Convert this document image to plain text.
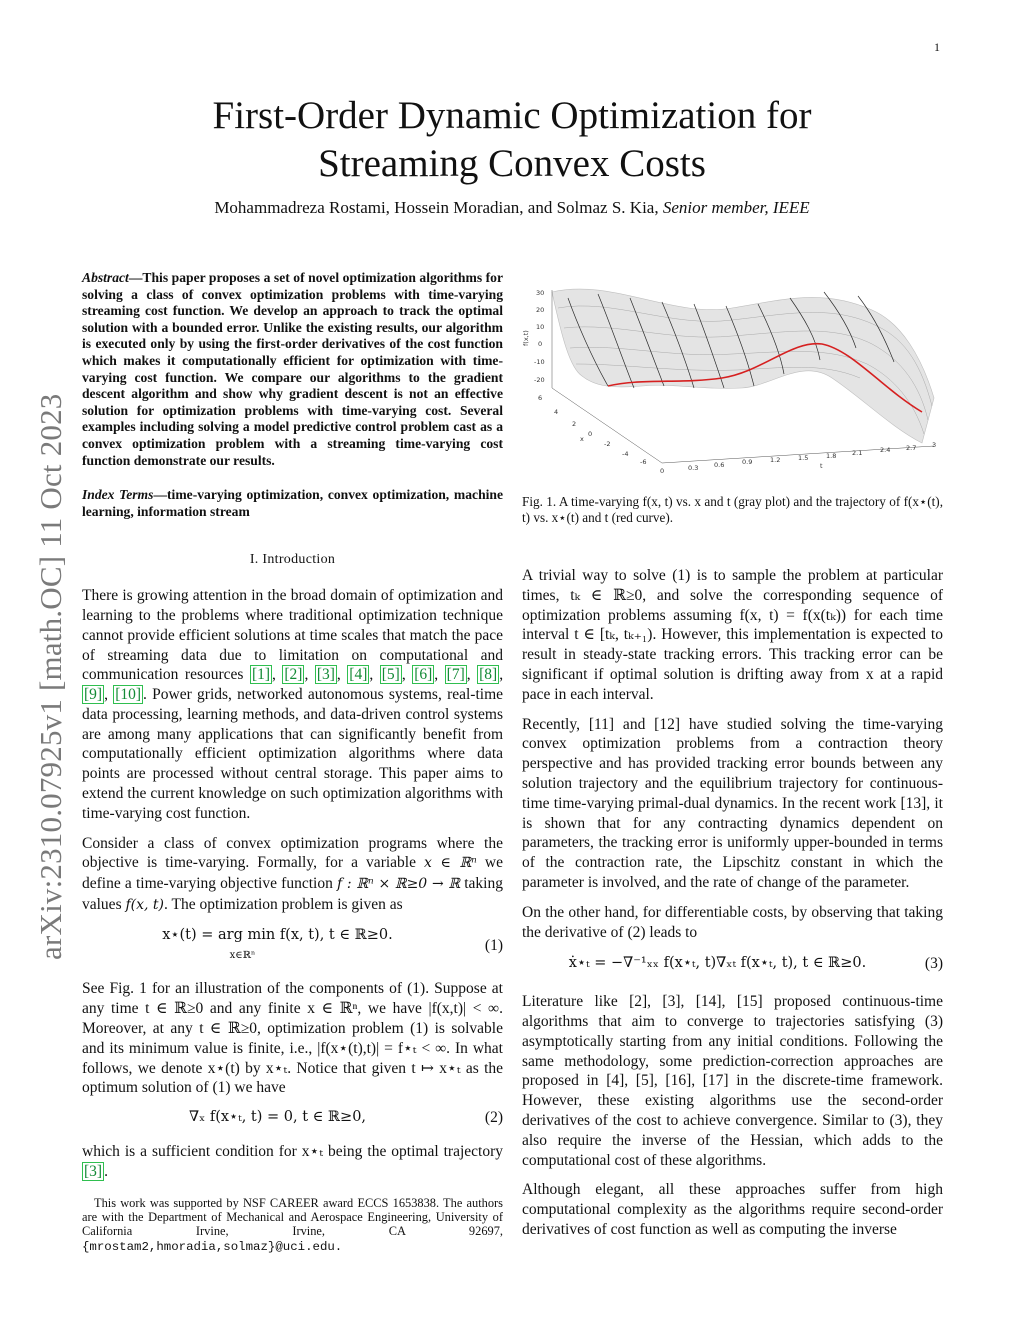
1
arXiv:2310.07925v1 [math.OC] 11 Oct 2023
First-Order Dynamic Optimization for
Streaming Convex Costs
Mohammadreza Rostami, Hossein Moradian, and Solmaz S. Kia, Senior member, IEEE
Abstract—This paper proposes a set of novel optimization algorithms for solving a class of convex optimization problems with time-varying streaming cost function. We develop an approach to track the optimal solution with a bounded error. Unlike the existing results, our algorithm is executed only by using the first-order derivatives of the cost function which makes it computationally efficient for optimization with time-varying cost function. We compare our algorithms to the gradient descent algorithm and show why gradient descent is not an effective solution for optimization problems with time-varying cost. Several examples including solving a model predictive control problem cast as a convex optimization problem with a streaming time-varying cost function demonstrate our results.
Index Terms—time-varying optimization, convex optimization, machine learning, information stream
I. Introduction

There is growing attention in the broad domain of optimization and learning to the problems where traditional optimization technique cannot provide efficient solutions at time scales that match the pace of streaming data due to limitation on computational and communication resources [1] , [2] , [3] , [4] , [5] , [6] , [7] , [8] , [9] , [10] . Power grids, networked autonomous systems, real-time data processing, learning methods, and data-driven control systems are among many applications that can significantly benefit from computationally efficient optimization algorithms where data points are processed without central storage. This paper aims to extend the current knowledge on such optimization algorithms with time-varying cost function.

Consider a class of convex optimization programs where the objective is time-varying. Formally, for a variable x ∈ ℝⁿ we define a time-varying objective function f : ℝⁿ × ℝ≥0 → ℝ taking values f(x, t). The optimization problem is given as

x⋆(t) = arg min f(x, t), t ∈ ℝ≥0.
x∈ℝⁿ
(1)

See Fig. 1 for an illustration of the components of (1). Suppose at any time t ∈ ℝ≥0 and any finite x ∈ ℝⁿ, we have |f(x,t)| < ∞. Moreover, at any t ∈ ℝ≥0, optimization problem (1) is solvable and its minimum value is finite, i.e., |f(x⋆(t),t)| = f⋆ₜ < ∞. In what follows, we denote x⋆(t) by x⋆ₜ. Notice that given t ↦ x⋆ₜ as the optimum solution of (1) we have

∇ₓ f(x⋆ₜ, t) = 0, t ∈ ℝ≥0,	(2)

which is a sufficient condition for x⋆ₜ being the optimal trajectory [3] .

This work was supported by NSF CAREER award ECCS 1653838. The authors are with the Department of Mechanical and Aerospace Engineering, University of California Irvine, Irvine, CA 92697, {mrostam2,hmoradia,solmaz}@uci.edu.
30
20
10
0
-10
-20
f(x,t)
6
4
2
0
-2
-4
-6
x
0	0.3 0.6	0.9	1.2	1.5	1.8 2.1	2.4 2.7 3
t
Fig. 1. A time-varying f(x, t) vs. x and t (gray plot) and the trajectory of f(x⋆(t), t) vs. x⋆(t) and t (red curve).

A trivial way to solve (1) is to sample the problem at particular times, tₖ ∈ ℝ≥0, and solve the corresponding sequence of optimization problems assuming f(x, t) = f(x(tₖ)) for each time interval t ∈ [tₖ, tₖ₊₁). However, this implementation is expected to result in steady-state tracking errors. This tracking error can be significant if optimal solution is drifting away from x at a rapid pace in each interval.

Recently, [11] and [12] have studied solving the time-varying convex optimization problems from a contraction theory perspective and has provided tracking error bounds between any solution trajectory and the equilibrium trajectory for continuous-time time-varying primal-dual dynamics. In the recent work [13], it is shown that for any contracting dynamics dependent on parameters, the tracking error is uniformly upper-bounded in terms of the contraction rate, the Lipschitz constant in which the parameter is involved, and the rate of change of the parameter.

On the other hand, for differentiable costs, by observing that taking the derivative of (2) leads to

ẋ⋆ₜ = −∇⁻¹ₓₓ f(x⋆ₜ, t)∇ₓₜ f(x⋆ₜ, t), t ∈ ℝ≥0.	(3)

Literature like [2], [3], [14], [15] proposed continuous-time algorithms that aim to converge to trajectories satisfying (3) asymptotically starting from any initial conditions. Following the same methodology, some prediction-correction approaches are proposed in [4], [5], [16], [17] in the discrete-time framework. However, these existing algorithms use the second-order derivatives of the cost to achieve convergence. Similar to (3), they also require the inverse of the Hessian, which adds to the computational cost of these algorithms.

Although elegant, all these approaches suffer from high computational complexity as the algorithms require second-order derivatives of cost function as well as computing the inverse
